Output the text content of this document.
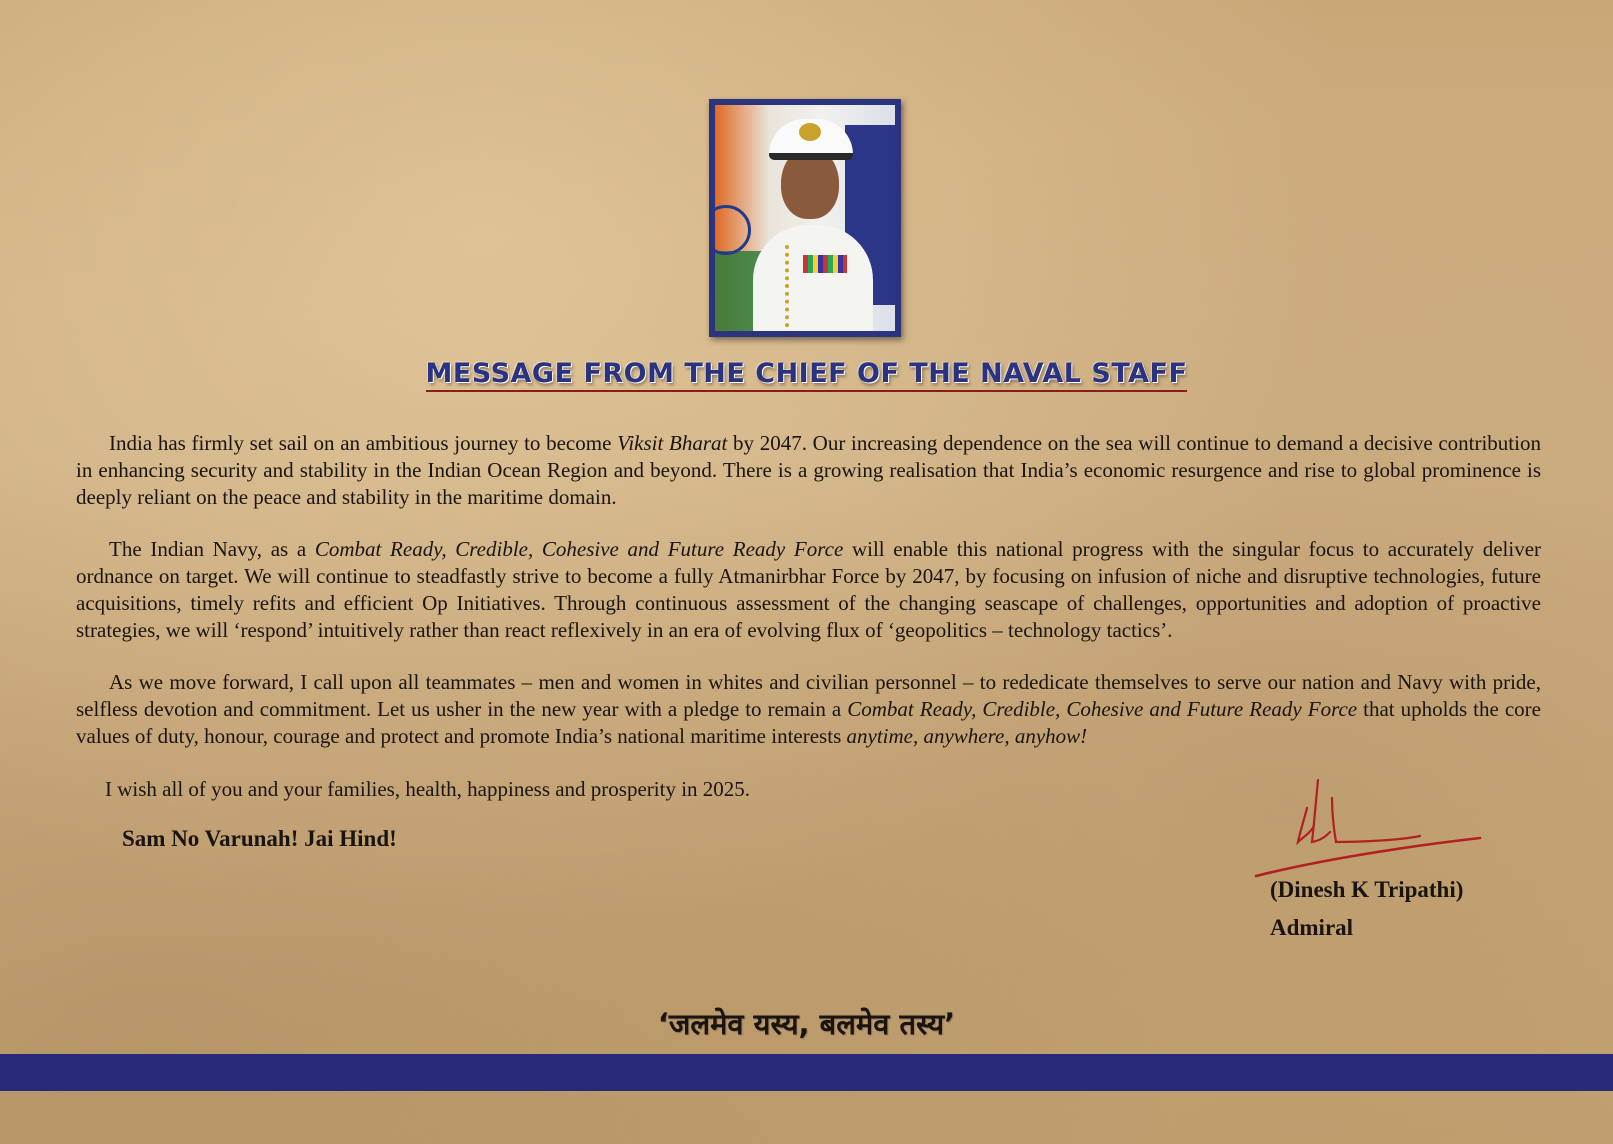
MESSAGE FROM THE CHIEF OF THE NAVAL STAFF

India has firmly set sail on an ambitious journey to become Viksit Bharat by 2047. Our increasing dependence on the sea will continue to demand a decisive contribution in enhancing security and stability in the Indian Ocean Region and beyond. There is a growing realisation that India’s economic resurgence and rise to global prominence is deeply reliant on the peace and stability in the maritime domain.

The Indian Navy, as a Combat Ready, Credible, Cohesive and Future Ready Force will enable this national progress with the singular focus to accurately deliver ordnance on target. We will continue to steadfastly strive to become a fully Atmanirbhar Force by 2047, by focusing on infusion of niche and disruptive technologies, future acquisitions, timely refits and efficient Op Initiatives. Through continuous assessment of the changing seascape of challenges, opportunities and adoption of proactive strategies, we will ‘respond’ intuitively rather than react reflexively in an era of evolving flux of ‘geopolitics – technology tactics’.

As we move forward, I call upon all teammates – men and women in whites and civilian personnel – to rededicate themselves to serve our nation and Navy with pride, selfless devotion and commitment. Let us usher in the new year with a pledge to remain a Combat Ready, Credible, Cohesive and Future Ready Force that upholds the core values of duty, honour, courage and protect and promote India’s national maritime interests anytime, anywhere, anyhow!

I wish all of you and your families, health, happiness and prosperity in 2025.
Sam No Varunah! Jai Hind!
(Dinesh K Tripathi)
Admiral
‘जलमेव यस्य, बलमेव तस्य’
